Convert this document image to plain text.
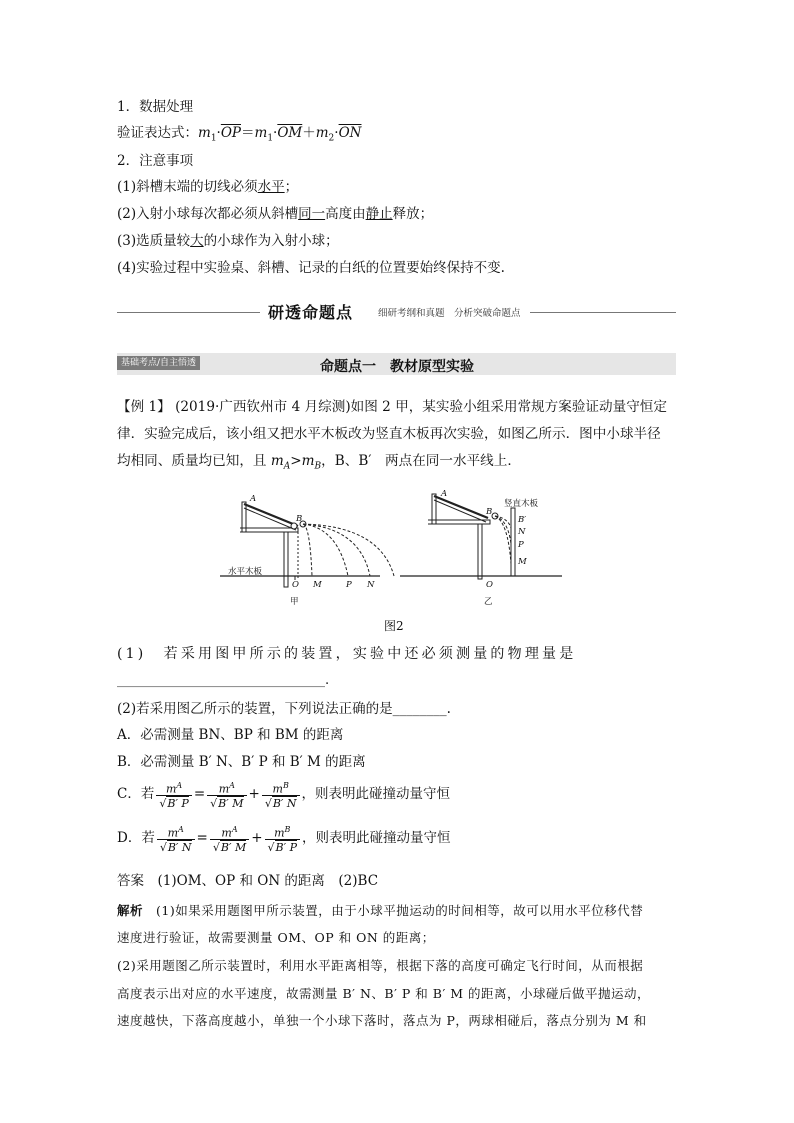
1．数据处理
验证表达式：$m_1\cdot\overline{OP}=m_1\cdot\overline{OM}+m_2\cdot\overline{ON}$
2．注意事项
(1)斜槽末端的切线必须水平；
(2)入射小球每次都必须从斜槽同一高度由静止释放；
(3)选质量较大的小球作为入射小球；
(4)实验过程中实验桌、斜槽、记录的白纸的位置要始终保持不变.
研透命题点	细研考纲和真题　分析突破命题点
基础考点/自主悟透	命题点一　教材原型实验
【例 1】 (2019·广西钦州市 4 月综测)如图 2 甲，某实验小组采用常规方案验证动量守恒定
律．实验完成后，该小组又把水平木板改为竖直木板再次实验，如图乙所示．图中小球半径
均相同、质量均已知，且 $m_A>m_B$，B、B′　两点在同一水平线上．
A
B
O M	P N
A
B
B′
N
P
M
O
水平木板
竖直木板
甲	乙
图2
(1)　若采用图甲所示的装置，实验中还必须测量的物理量是
________________________________.
(2)若采用图乙所示的装置，下列说法正确的是________.
A．必需测量 BN、BP 和 BM 的距离
B．必需测量 B′ N、B′ P 和 B′ M 的距离
C．若 $\frac{m^A}{√B' P} = \frac{m^A}{√B' M} + \frac{m^B}{√B' N}$ ，则表明此碰撞动量守恒
D．若 $\frac{m^A}{√B' N} = \frac{m^A}{√B' M} + \frac{m^B}{√B' P}$ ，则表明此碰撞动量守恒
答案　(1)OM、OP 和 ON 的距离　(2)BC
解析　(1)如果采用题图甲所示装置，由于小球平抛运动的时间相等，故可以用水平位移代替
速度进行验证，故需要测量 OM、OP 和 ON 的距离；
(2)采用题图乙所示装置时，利用水平距离相等，根据下落的高度可确定飞行时间，从而根据
高度表示出对应的水平速度，故需测量 B′ N、B′ P 和 B′ M 的距离，小球碰后做平抛运动，
速度越快，下落高度越小，单独一个小球下落时，落点为 P，两球相碰后，落点分别为 M 和
